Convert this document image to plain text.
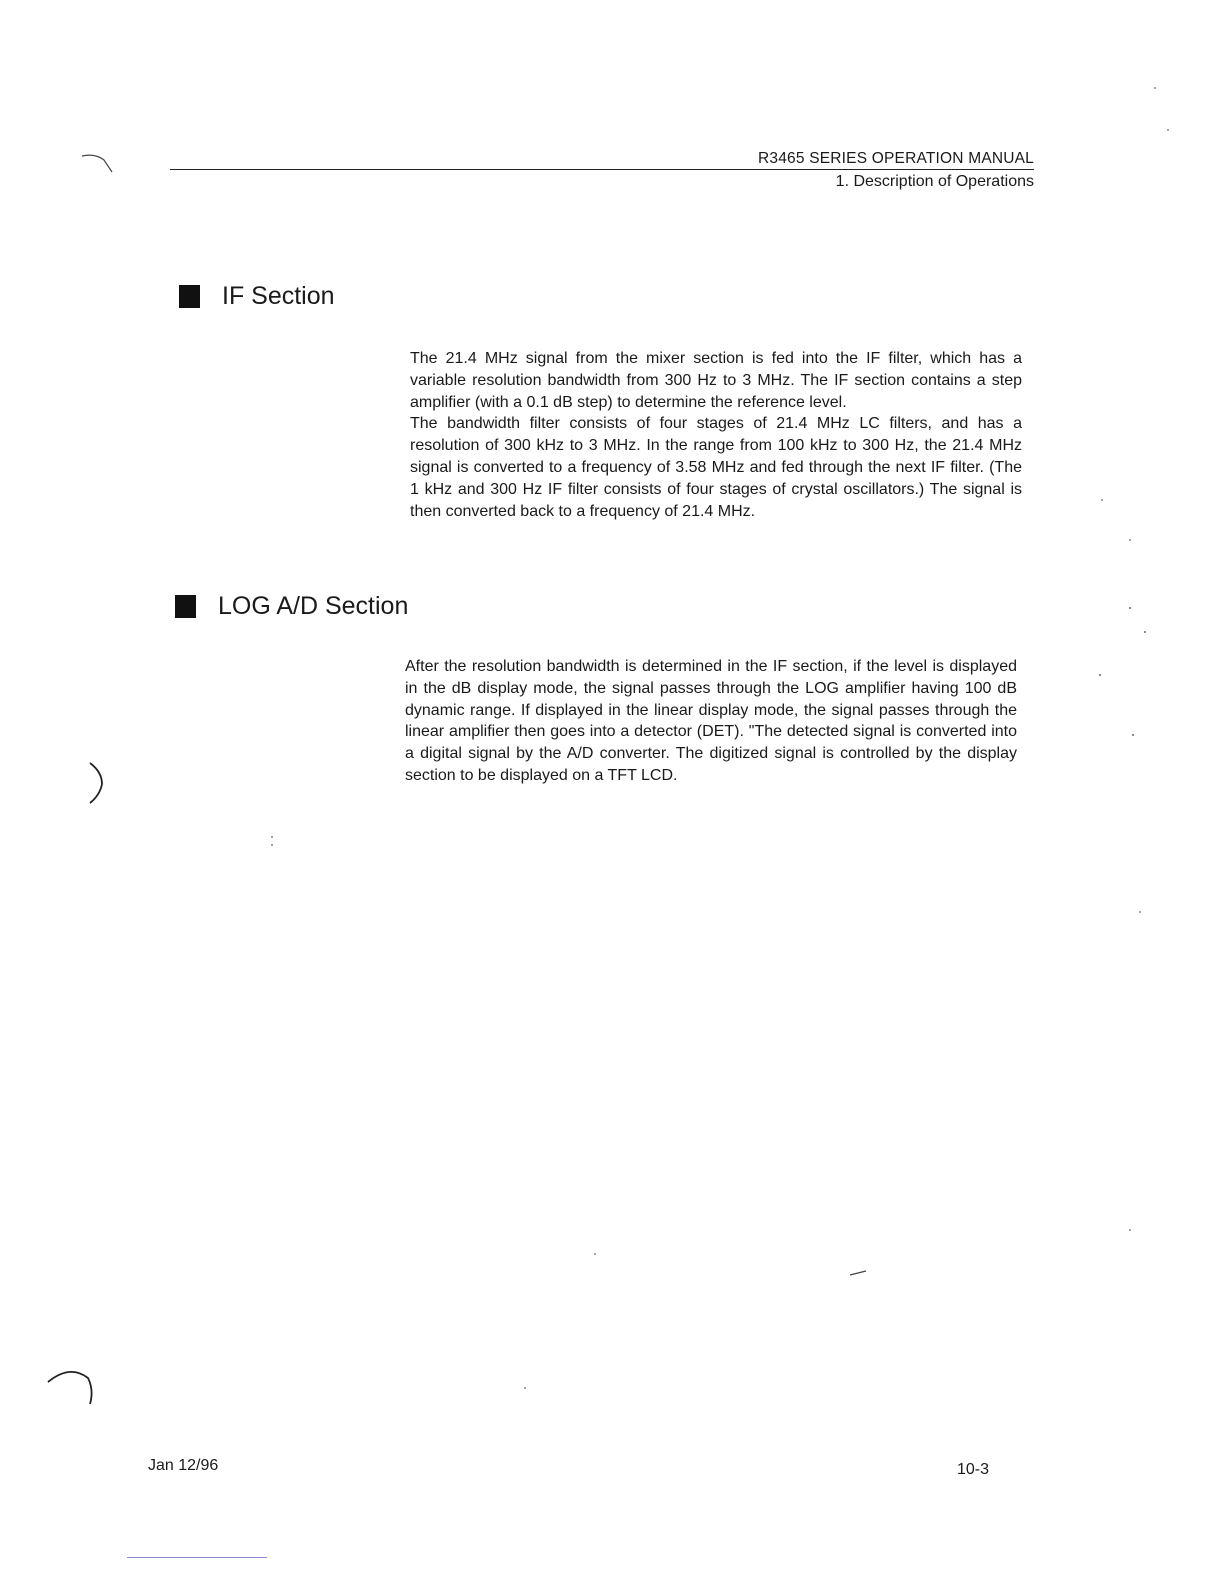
R3465 SERIES OPERATION MANUAL
1. Description of Operations
IF Section

The 21.4 MHz signal from the mixer section is fed into the IF filter, which has a variable resolution bandwidth from 300 Hz to 3 MHz. The IF section contains a step amplifier (with a 0.1 dB step) to determine the reference level.

The bandwidth filter consists of four stages of 21.4 MHz LC filters, and has a resolution of 300 kHz to 3 MHz. In the range from 100 kHz to 300 Hz, the 21.4 MHz signal is converted to a frequency of 3.58 MHz and fed through the next IF filter. (The 1 kHz and 300 Hz IF filter consists of four stages of crystal oscillators.) The signal is then converted back to a frequency of 21.4 MHz.

LOG A/D Section

After the resolution bandwidth is determined in the IF section, if the level is displayed in the dB display mode, the signal passes through the LOG amplifier having 100 dB dynamic range. If displayed in the linear display mode, the signal passes through the linear amplifier then goes into a detector (DET). "The detected signal is converted into a digital signal by the A/D converter. The digitized signal is controlled by the display section to be displayed on a TFT LCD.

Jan 12/96	10-3
